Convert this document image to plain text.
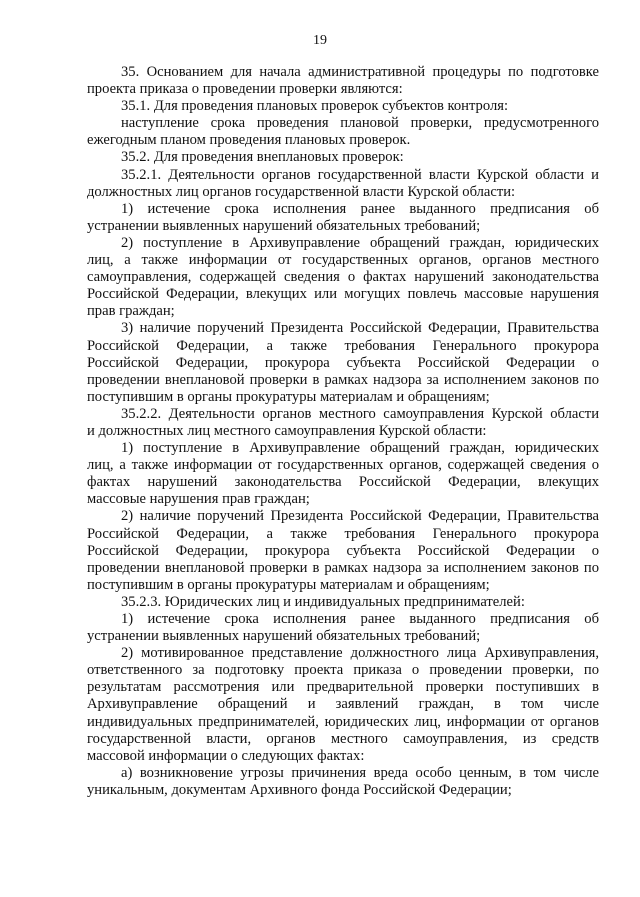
19
35. Основанием для начала административной процедуры по подготовке
проекта приказа о проведении проверки являются:
35.1. Для проведения плановых проверок субъектов контроля:
наступление срока проведения плановой проверки, предусмотренного
ежегодным планом проведения плановых проверок.
35.2. Для проведения внеплановых проверок:
35.2.1. Деятельности органов государственной власти Курской области и
должностных лиц органов государственной власти Курской области:
1) истечение срока исполнения ранее выданного предписания об
устранении выявленных нарушений обязательных требований;
2) поступление в Архивуправление обращений граждан, юридических
лиц, а также информации от государственных органов, органов местного
самоуправления, содержащей сведения о фактах нарушений законодательства
Российской Федерации, влекущих или могущих повлечь массовые нарушения
прав граждан;
3) наличие поручений Президента Российской Федерации, Правительства
Российской Федерации, а также требования Генерального прокурора
Российской Федерации, прокурора субъекта Российской Федерации о
проведении внеплановой проверки в рамках надзора за исполнением законов по
поступившим в органы прокуратуры материалам и обращениям;
35.2.2. Деятельности органов местного самоуправления Курской области
и должностных лиц местного самоуправления Курской области:
1) поступление в Архивуправление обращений граждан, юридических
лиц, а также информации от государственных органов, содержащей сведения о
фактах нарушений законодательства Российской Федерации, влекущих
массовые нарушения прав граждан;
2) наличие поручений Президента Российской Федерации, Правительства
Российской Федерации, а также требования Генерального прокурора
Российской Федерации, прокурора субъекта Российской Федерации о
проведении внеплановой проверки в рамках надзора за исполнением законов по
поступившим в органы прокуратуры материалам и обращениям;
35.2.3. Юридических лиц и индивидуальных предпринимателей:
1) истечение срока исполнения ранее выданного предписания об
устранении выявленных нарушений обязательных требований;
2) мотивированное представление должностного лица Архивуправления,
ответственного за подготовку проекта приказа о проведении проверки, по
результатам рассмотрения или предварительной проверки поступивших в
Архивуправление обращений и заявлений граждан, в том числе
индивидуальных предпринимателей, юридических лиц, информации от органов
государственной власти, органов местного самоуправления, из средств
массовой информации о следующих фактах:
а) возникновение угрозы причинения вреда особо ценным, в том числе
уникальным, документам Архивного фонда Российской Федерации;
